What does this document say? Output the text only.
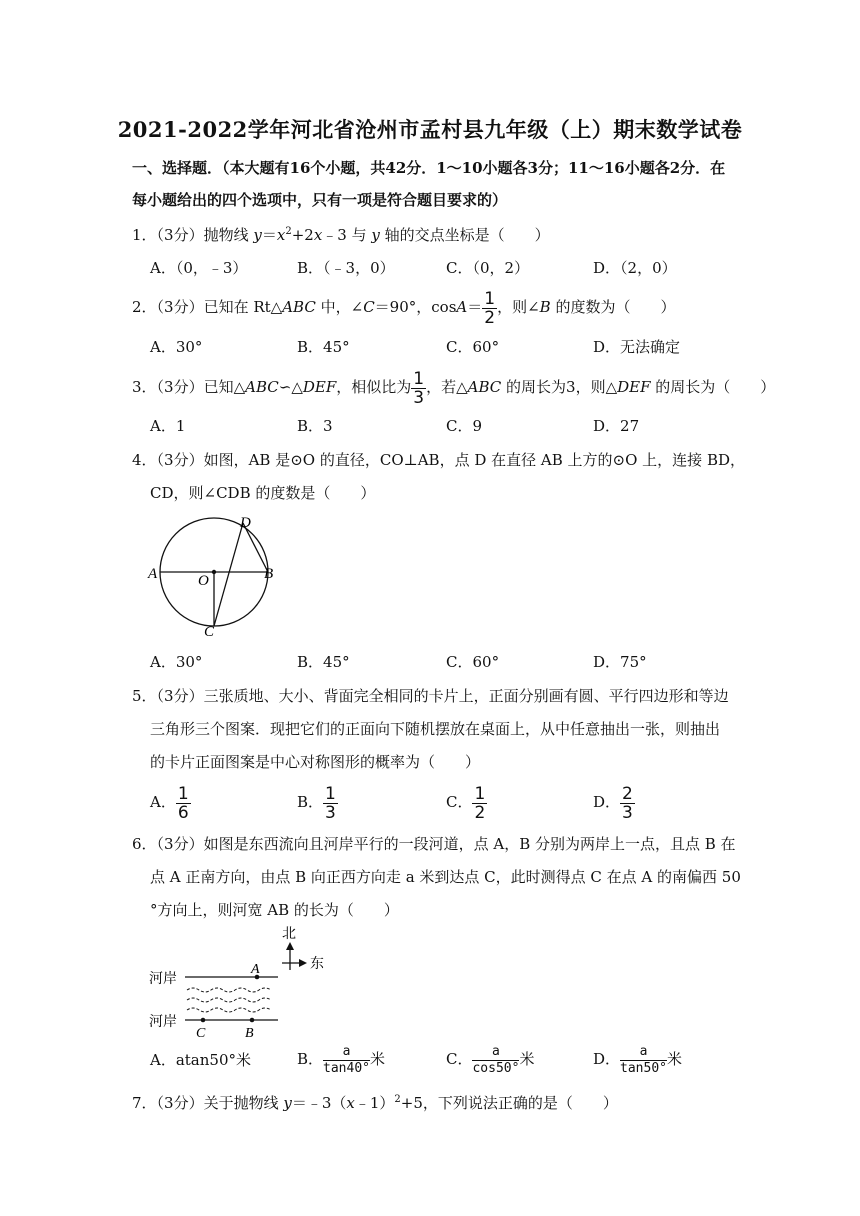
2021-2022学年河北省沧州市孟村县九年级（上）期末数学试卷
一、选择题．（本大题有16个小题，共42分．1～10小题各3分；11～16小题各2分．在
每小题给出的四个选项中，只有一项是符合题目要求的）
1．（3分）抛物线 $y=x^2+2x﹣3$ 与 y 轴的交点坐标是（　　）
A．（0，﹣3）	B．（﹣3，0）	C．（0，2）	D．（2，0）
2．（3分）已知在 Rt△ABC 中，∠C＝90°，$\cos A= \frac{1}{2}$ ，则∠B 的度数为（　　）
A．30°	B．45°	C．60°	D．无法确定
3．（3分）已知△ABC∽△DEF，相似比为 $\frac{1}{3}$ ，若△ABC 的周长为3，则△DEF 的周长为（　　）
A．1	B．3	C．9	D．27
4．（3分）如图，AB 是⊙O 的直径，CO⊥AB，点 D 在直径 AB 上方的⊙O 上，连接 BD，
CD，则∠CDB 的度数是（　　）
A	B
C
D
O
A．30°	B．45°	C．60°	D．75°
5．（3分）三张质地、大小、背面完全相同的卡片上，正面分别画有圆、平行四边形和等边
三角形三个图案．现把它们的正面向下随机摆放在桌面上，从中任意抽出一张，则抽出
的卡片正面图案是中心对称图形的概率为（　　）
A． $\frac{1}{6}$	B． $\frac{1}{3}$	C． $\frac{1}{2}$	D． $\frac{2}{3}$
6．（3分）如图是东西流向且河岸平行的一段河道，点 A，B 分别为两岸上一点，且点 B 在
点 A 正南方向，由点 B 向正西方向走 a 米到达点 C，此时测得点 C 在点 A 的南偏西 50
°方向上，则河宽 AB 的长为（　　）
北
东
河岸
A
河岸
C	B
A．atan50°米	B． $\frac{a}{\tan 40^\circ}$ 米	C． $\frac{a}{\cos 50^\circ}$ 米	D． $\frac{a}{\tan 50^\circ}$ 米
7．（3分）关于抛物线 y＝﹣3（x﹣1）$^2$+5，下列说法正确的是（　　）
